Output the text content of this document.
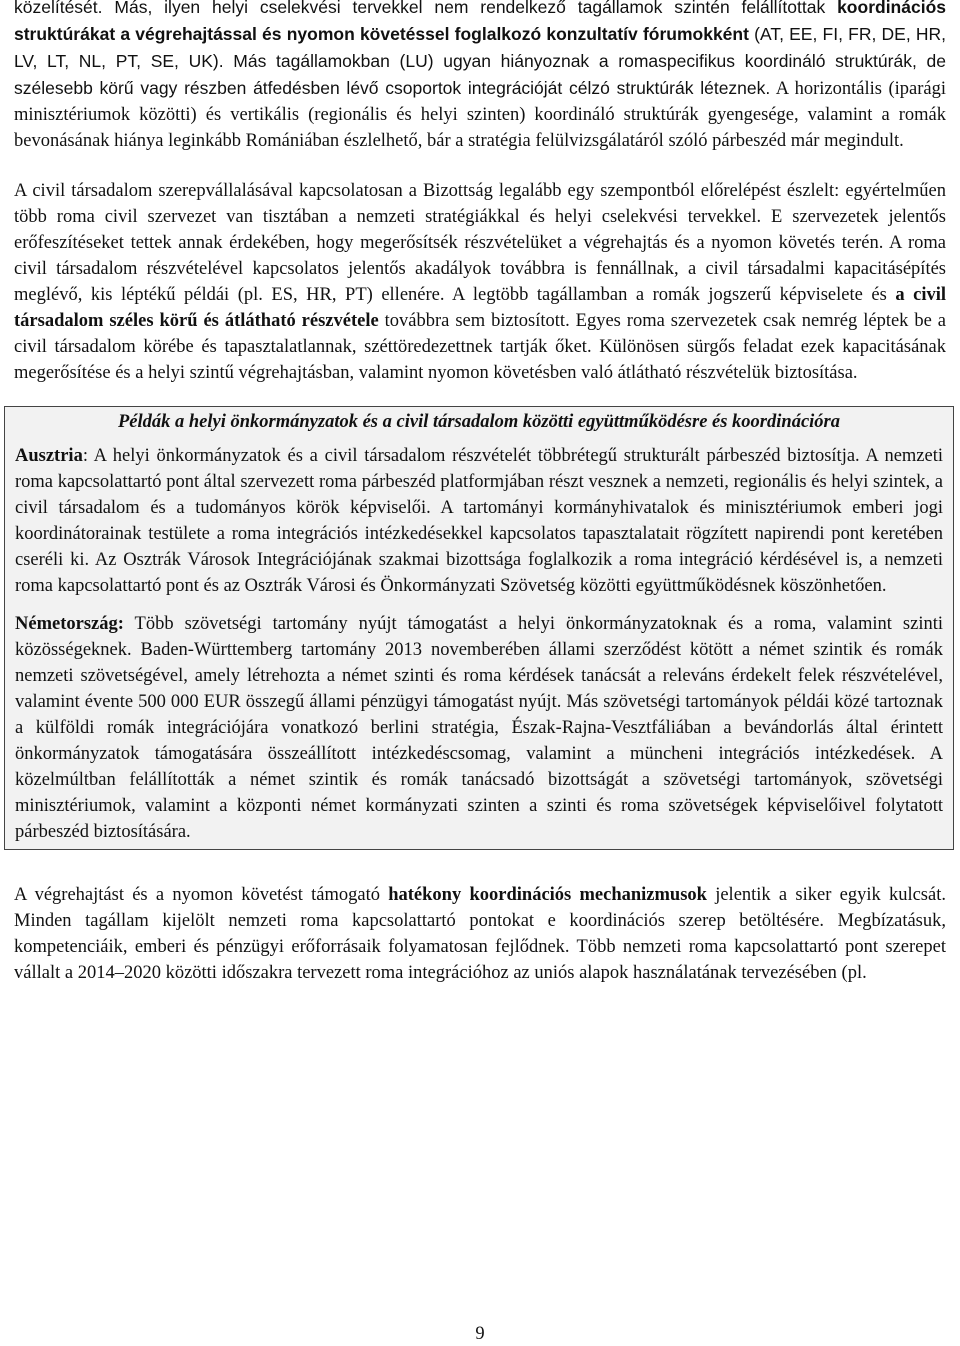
közelítését. Más, ilyen helyi cselekvési tervekkel nem rendelkező tagállamok szintén felállítottak koordinációs struktúrákat a végrehajtással és nyomon követéssel foglalkozó konzultatív fórumokként (AT, EE, FI, FR, DE, HR, LV, LT, NL, PT, SE, UK). Más tagállamokban (LU) ugyan hiányoznak a romaspecifikus koordináló struktúrák, de szélesebb körű vagy részben átfedésben lévő csoportok integrációját célzó struktúrák léteznek. A horizontális (iparági minisztériumok közötti) és vertikális (regionális és helyi szinten) koordináló struktúrák gyengesége, valamint a romák bevonásának hiánya leginkább Romániában észlelhető, bár a stratégia felülvizsgálatáról szóló párbeszéd már megindult.

A civil társadalom szerepvállalásával kapcsolatosan a Bizottság legalább egy szempontból előrelépést észlelt: egyértelműen több roma civil szervezet van tisztában a nemzeti stratégiákkal és helyi cselekvési tervekkel. E szervezetek jelentős erőfeszítéseket tettek annak érdekében, hogy megerősítsék részvételüket a végrehajtás és a nyomon követés terén. A roma civil társadalom részvételével kapcsolatos jelentős akadályok továbbra is fennállnak, a civil társadalmi kapacitásépítés meglévő, kis léptékű példái (pl. ES, HR, PT) ellenére. A legtöbb tagállamban a romák jogszerű képviselete és a civil társadalom széles körű és átlátható részvétele továbbra sem biztosított. Egyes roma szervezetek csak nemrég léptek be a civil társadalom körébe és tapasztalatlannak, széttöredezettnek tartják őket. Különösen sürgős feladat ezek kapacitásának megerősítése és a helyi szintű végrehajtásban, valamint nyomon követésben való átlátható részvételük biztosítása.

Példák a helyi önkormányzatok és a civil társadalom közötti együttműködésre és koordinációra

Ausztria: A helyi önkormányzatok és a civil társadalom részvételét többrétegű strukturált párbeszéd biztosítja. A nemzeti roma kapcsolattartó pont által szervezett roma párbeszéd platformjában részt vesznek a nemzeti, regionális és helyi szintek, a civil társadalom és a tudományos körök képviselői. A tartományi kormányhivatalok és minisztériumok emberi jogi koordinátorainak testülete a roma integrációs intézkedésekkel kapcsolatos tapasztalatait rögzített napirendi pont keretében cseréli ki. Az Osztrák Városok Integrációjának szakmai bizottsága foglalkozik a roma integráció kérdésével is, a nemzeti roma kapcsolattartó pont és az Osztrák Városi és Önkormányzati Szövetség közötti együttműködésnek köszönhetően.

Németország: Több szövetségi tartomány nyújt támogatást a helyi önkormányzatoknak és a roma, valamint szinti közösségeknek. Baden-Württemberg tartomány 2013 novemberében állami szerződést kötött a német szintik és romák nemzeti szövetségével, amely létrehozta a német szinti és roma kérdések tanácsát a releváns érdekelt felek részvételével, valamint évente 500 000 EUR összegű állami pénzügyi támogatást nyújt. Más szövetségi tartományok példái közé tartoznak a külföldi romák integrációjára vonatkozó berlini stratégia, Észak-Rajna-Vesztfáliában a bevándorlás által érintett önkormányzatok támogatására összeállított intézkedéscsomag, valamint a müncheni integrációs intézkedések. A közelmúltban felállították a német szintik és romák tanácsadó bizottságát a szövetségi tartományok, szövetségi minisztériumok, valamint a központi német kormányzati szinten a szinti és roma szövetségek képviselőivel folytatott párbeszéd biztosítására.

A végrehajtást és a nyomon követést támogató hatékony koordinációs mechanizmusok jelentik a siker egyik kulcsát. Minden tagállam kijelölt nemzeti roma kapcsolattartó pontokat e koordinációs szerep betöltésére. Megbízatásuk, kompetenciáik, emberi és pénzügyi erőforrásaik folyamatosan fejlődnek. Több nemzeti roma kapcsolattartó pont szerepet vállalt a 2014–2020 közötti időszakra tervezett roma integrációhoz az uniós alapok használatának tervezésében (pl.

9
